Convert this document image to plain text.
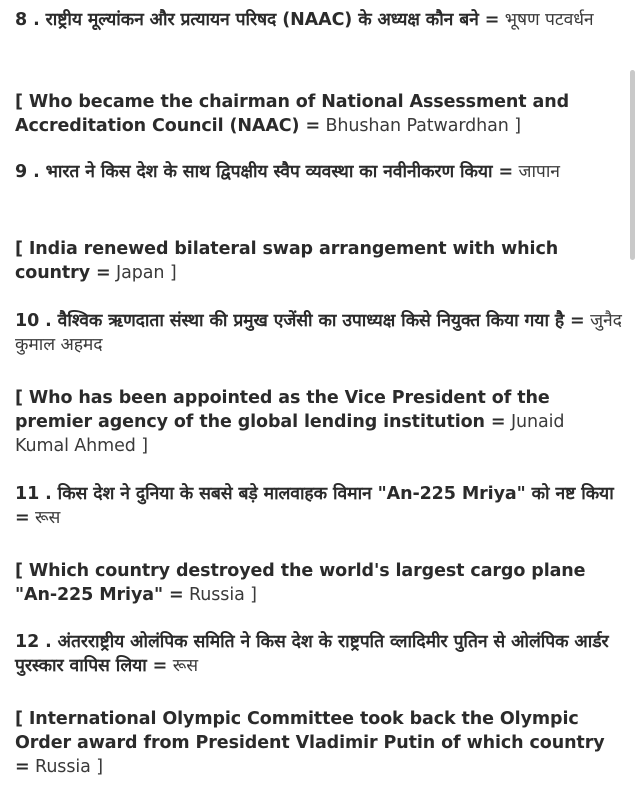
8 . राष्ट्रीय मूल्यांकन और प्रत्यायन परिषद (NAAC) के अध्यक्ष कौन बने = भूषण पटवर्धन
[ Who became the chairman of National Assessment and Accreditation Council (NAAC) = Bhushan Patwardhan ]
9 . भारत ने किस देश के साथ द्विपक्षीय स्वैप व्यवस्था का नवीनीकरण किया = जापान
[ India renewed bilateral swap arrangement with which country = Japan ]
10 . वैश्विक ऋणदाता संस्था की प्रमुख एजेंसी का उपाध्यक्ष किसे नियुक्त किया गया है = जुनैद कुमाल अहमद
[ Who has been appointed as the Vice President of the premier agency of the global lending institution = Junaid Kumal Ahmed ]
11 . किस देश ने दुनिया के सबसे बड़े मालवाहक विमान "An-225 Mriya" को नष्ट किया = रूस
[ Which country destroyed the world's largest cargo plane "An-225 Mriya" = Russia ]
12 . अंतरराष्ट्रीय ओलंपिक समिति ने किस देश के राष्ट्रपति व्लादिमीर पुतिन से ओलंपिक आर्डर पुरस्कार वापिस लिया = रूस
[ International Olympic Committee took back the Olympic Order award from President Vladimir Putin of which country = Russia ]
